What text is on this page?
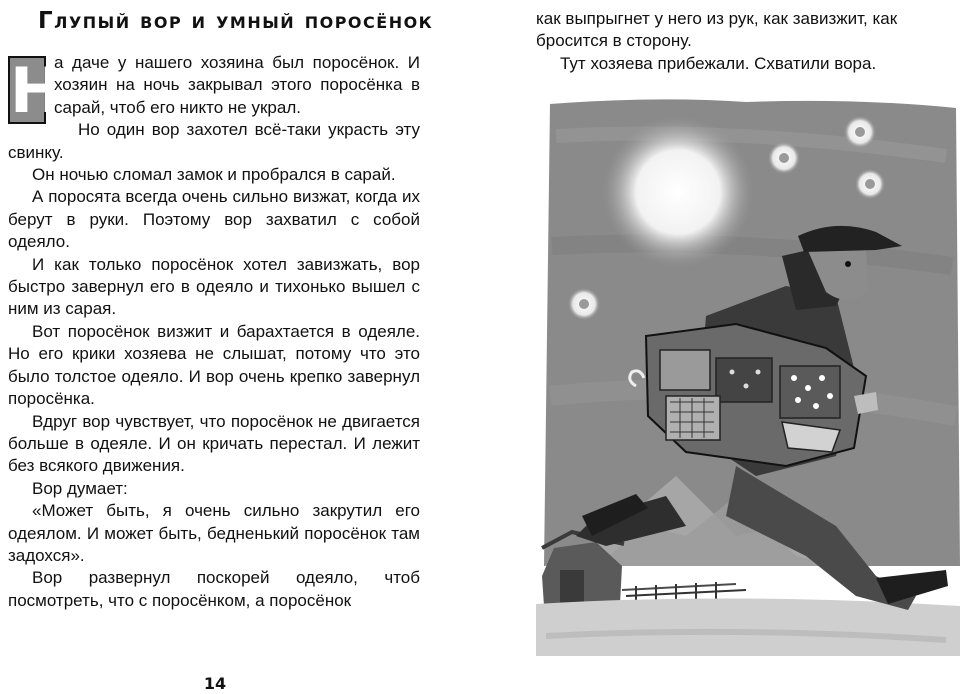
Глупый вор и умный поросёнок

Н
а даче у нашего хозяина был поросёнок. И хозяин на ночь закрывал этого поросёнка в сарай, чтоб его никто не украл.

Но один вор захотел всё-таки украсть эту свинку.

Он ночью сломал замок и пробрался в сарай.

А поросята всегда очень сильно визжат, когда их берут в руки. Поэтому вор захватил с собой одеяло.

И как только поросёнок хотел завизжать, вор быстро завернул его в одеяло и тихонько вышел с ним из сарая.

Вот поросёнок визжит и барахтается в одеяле. Но его крики хозяева не слышат, потому что это было толстое одеяло. И вор очень крепко завернул поросёнка.

Вдруг вор чувствует, что поросёнок не двигается больше в одеяле. И он кричать перестал. И лежит без всякого движения.

Вор думает:

«Может быть, я очень сильно закрутил его одеялом. И может быть, бедненький поросёнок там задохся».

Вор развернул поскорей одеяло, чтоб посмотреть, что с поросёнком, а поросёнок

14

как выпрыгнет у него из рук, как завизжит, как бросится в сторону.

Тут хозяева прибежали. Схватили вора.
